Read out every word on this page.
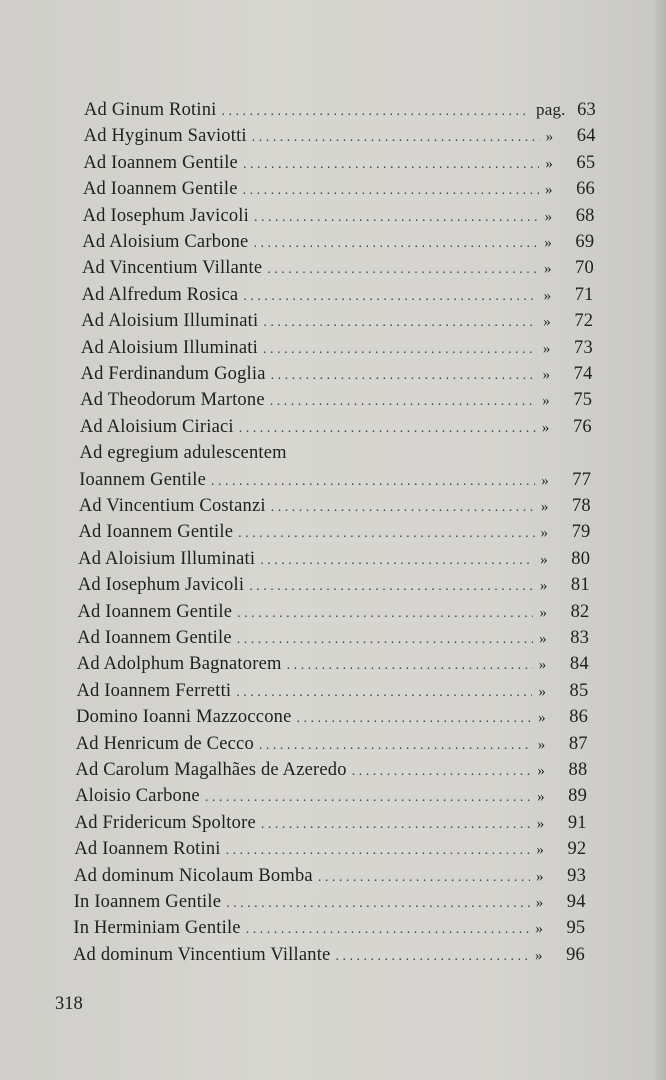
Ad Ginum Rotini . . .	pag. 63
Ad Hyginum Saviotti . . .	»	64
Ad Ioannem Gentile . . .	»	65
Ad Ioannem Gentile . . .	»	66
Ad Iosephum Javicoli . . .	»	68
Ad Aloisium Carbone . . .	»	69
Ad Vincentium Villante . . .	»	70
Ad Alfredum Rosica . . .	»	71
Ad Aloisium Illuminati . . .	»	72
Ad Aloisium Illuminati . . .	»	73
Ad Ferdinandum Goglia . . .	»	74
Ad Theodorum Martone . . .	»	75
Ad Aloisium Ciriaci . . .	»	76
Ad egregium adulescentem
Ioannem Gentile . . .	»	77
Ad Vincentium Costanzi . . .	»	78
Ad Ioannem Gentile . . .	»	79
Ad Aloisium Illuminati . . .	»	80
Ad Iosephum Javicoli . . .	»	81
Ad Ioannem Gentile . . .	»	82
Ad Ioannem Gentile . . .	»	83
Ad Adolphum Bagnatorem . . .	»	84
Ad Ioannem Ferretti . . .	»	85
Domino Ioanni Mazzoccone . . .	»	86
Ad Henricum de Cecco . . .	»	87
Ad Carolum Magalhães de Azeredo . . .	»	88
Aloisio Carbone . . .	»	89
Ad Fridericum Spoltore . . .	»	91
Ad Ioannem Rotini . . .	»	92
Ad dominum Nicolaum Bomba . . .	»	93
In Ioannem Gentile . . .	»	94
In Herminiam Gentile . . .	»	95
Ad dominum Vincentium Villante . . .	»	96
318
